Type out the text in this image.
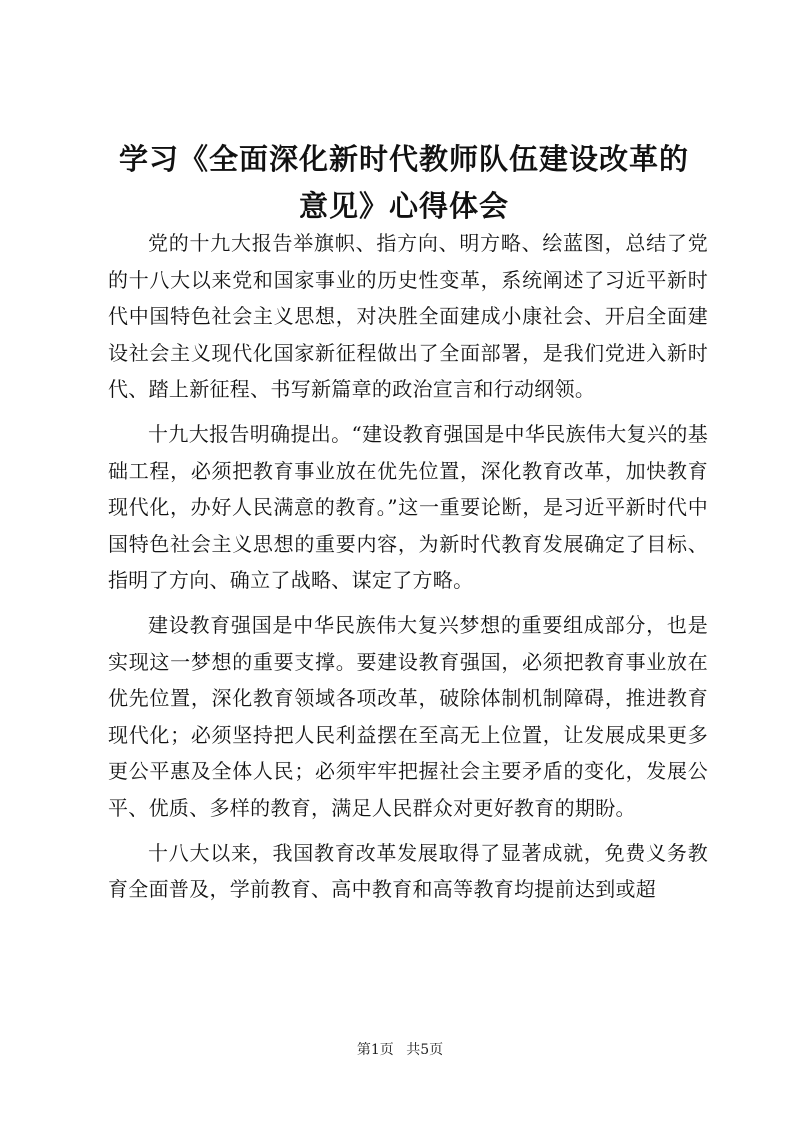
学习《全面深化新时代教师队伍建设改革的意见》心得体会

党的十九大报告举旗帜、指方向、明方略、绘蓝图，总结了党的十八大以来党和国家事业的历史性变革，系统阐述了习近平新时代中国特色社会主义思想，对决胜全面建成小康社会、开启全面建设社会主义现代化国家新征程做出了全面部署，是我们党进入新时代、踏上新征程、书写新篇章的政治宣言和行动纲领。

十九大报告明确提出。“建设教育强国是中华民族伟大复兴的基础工程，必须把教育事业放在优先位置，深化教育改革，加快教育现代化，办好人民满意的教育。”这一重要论断，是习近平新时代中国特色社会主义思想的重要内容，为新时代教育发展确定了目标、指明了方向、确立了战略、谋定了方略。

建设教育强国是中华民族伟大复兴梦想的重要组成部分，也是实现这一梦想的重要支撑。要建设教育强国，必须把教育事业放在优先位置，深化教育领域各项改革，破除体制机制障碍，推进教育现代化；必须坚持把人民利益摆在至高无上位置，让发展成果更多更公平惠及全体人民；必须牢牢把握社会主要矛盾的变化，发展公平、优质、多样的教育，满足人民群众对更好教育的期盼。

十八大以来，我国教育改革发展取得了显著成就，免费义务教育全面普及，学前教育、高中教育和高等教育均提前达到或超

第1页 共5页
